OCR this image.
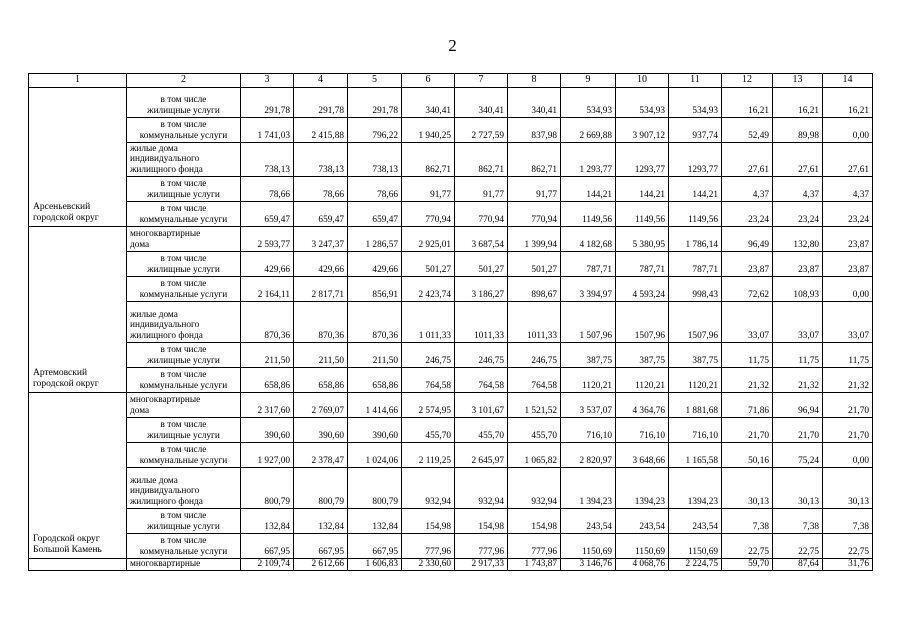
2
1	2	3	4	5	6	7	8	9	10	11	12	13	14
Арсеньевский
городской округ	в том числе
жилищные услуги	291,78	291,78	291,78	340,41	340,41	340,41	534,93	534,93	534,93	16,21	16,21	16,21
	в том числе
коммунальные услуги	1 741,03	2 415,88	796,22	1 940,25	2 727,59	837,98	2 669,88	3 907,12	937,74	52,49	89,98	0,00
	жилые дома
индивидуального
жилищного фонда	738,13	738,13	738,13	862,71	862,71	862,71	1 293,77	1293,77	1293,77	27,61	27,61	27,61
	в том числе
жилищные услуги	78,66	78,66	78,66	91,77	91,77	91,77	144,21	144,21	144,21	4,37	4,37	4,37
	в том числе
коммунальные услуги	659,47	659,47	659,47	770,94	770,94	770,94	1149,56	1149,56	1149,56	23,24	23,24	23,24
Артемовский
городской округ	многоквартирные
дома	2 593,77	3 247,37	1 286,57	2 925,01	3 687,54	1 399,94	4 182,68	5 380,95	1 786,14	96,49	132,80	23,87
	в том числе
жилищные услуги	429,66	429,66	429,66	501,27	501,27	501,27	787,71	787,71	787,71	23,87	23,87	23,87
	в том числе
коммунальные услуги	2 164,11	2 817,71	856,91	2 423,74	3 186,27	898,67	3 394,97	4 593,24	998,43	72,62	108,93	0,00
	жилые дома
индивидуального
жилищного фонда	870,36	870,36	870,36	1 011,33	1011,33	1011,33	1 507,96	1507,96	1507,96	33,07	33,07	33,07
	в том числе
жилищные услуги	211,50	211,50	211,50	246,75	246,75	246,75	387,75	387,75	387,75	11,75	11,75	11,75
	в том числе
коммунальные услуги	658,86	658,86	658,86	764,58	764,58	764,58	1120,21	1120,21	1120,21	21,32	21,32	21,32
Городской округ
Большой Камень	многоквартирные
дома	2 317,60	2 769,07	1 414,66	2 574,95	3 101,67	1 521,52	3 537,07	4 364,76	1 881,68	71,86	96,94	21,70
	в том числе
жилищные услуги	390,60	390,60	390,60	455,70	455,70	455,70	716,10	716,10	716,10	21,70	21,70	21,70
	в том числе
коммунальные услуги	1 927,00	2 378,47	1 024,06	2 119,25	2 645,97	1 065,82	2 820,97	3 648,66	1 165,58	50,16	75,24	0,00
	жилые дома
индивидуального
жилищного фонда	800,79	800,79	800,79	932,94	932,94	932,94	1 394,23	1394,23	1394,23	30,13	30,13	30,13
	в том числе
жилищные услуги	132,84	132,84	132,84	154,98	154,98	154,98	243,54	243,54	243,54	7,38	7,38	7,38
	в том числе
коммунальные услуги	667,95	667,95	667,95	777,96	777,96	777,96	1150,69	1150,69	1150,69	22,75	22,75	22,75
	многоквартирные	2 109,74	2 612,66	1 606,83	2 330,60	2 917,33	1 743,87	3 146,76	4 068,76	2 224,75	59,70	87,64	31,76
